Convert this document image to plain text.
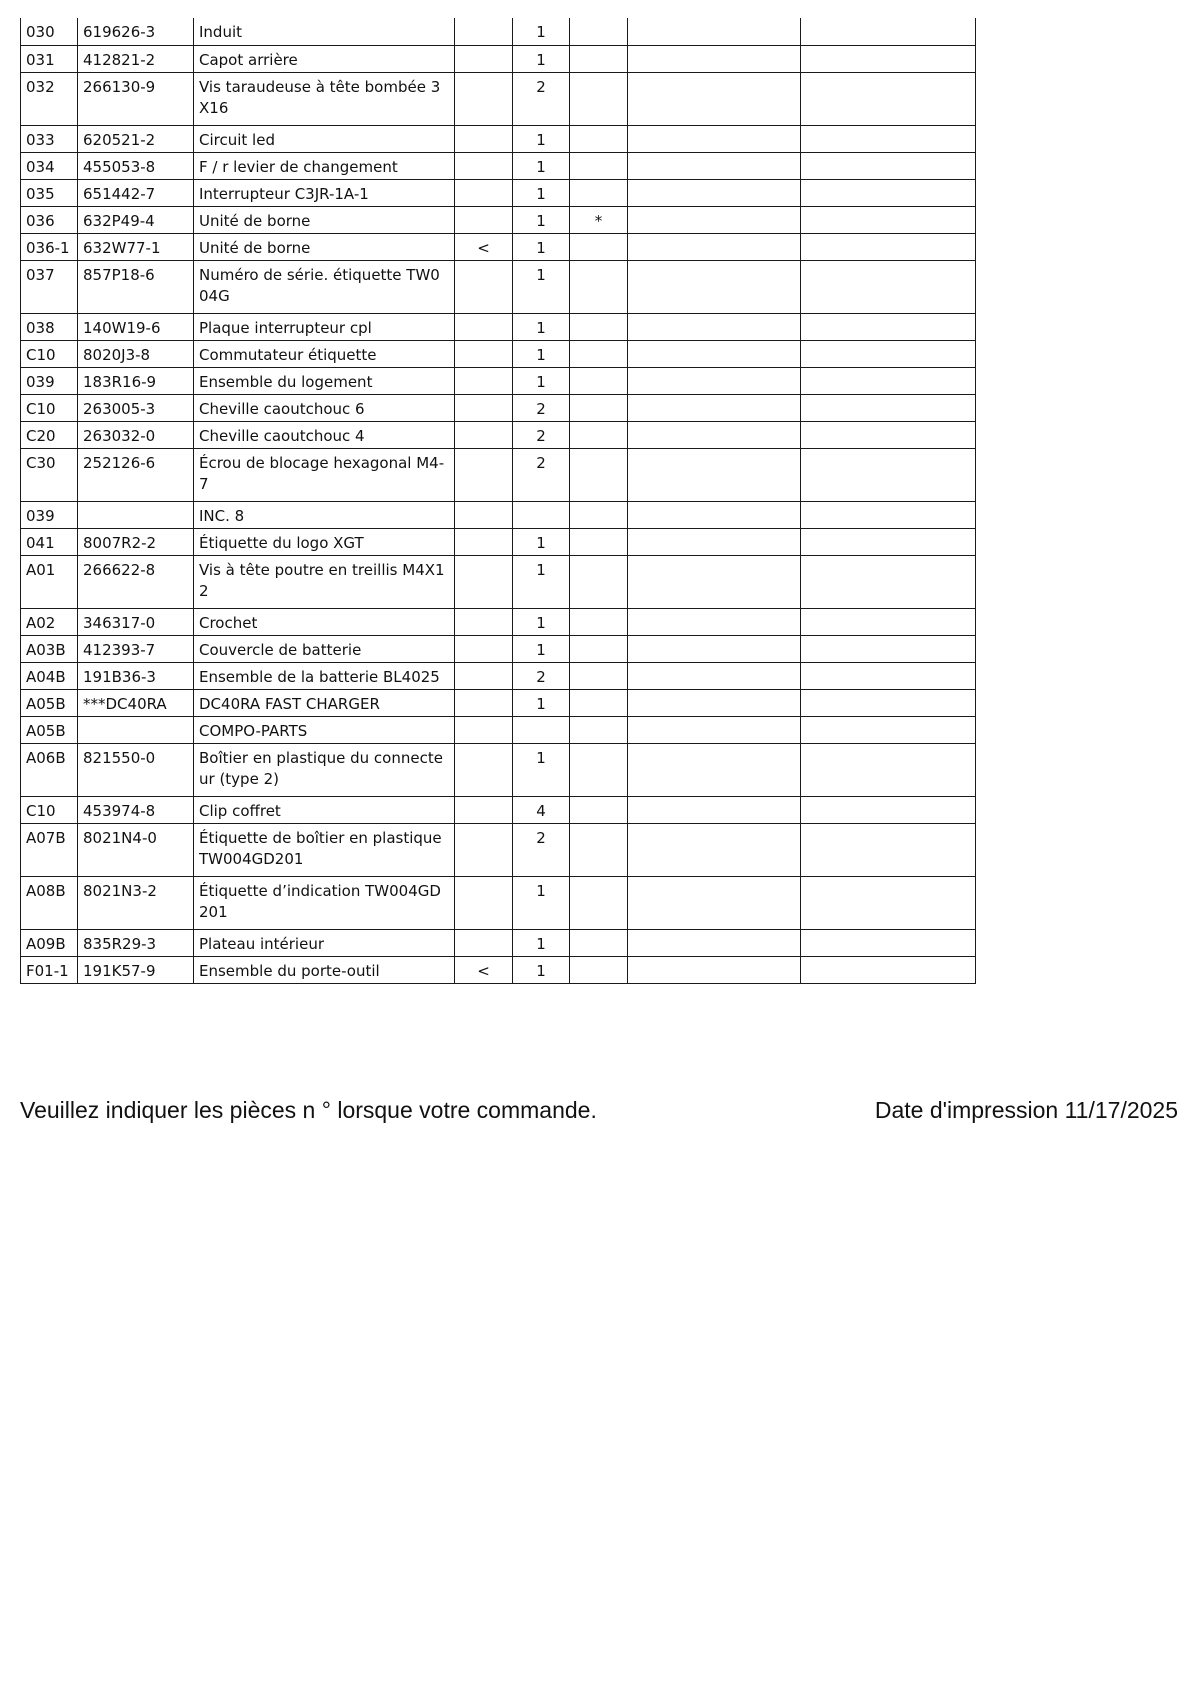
030	619626-3	Induit		1			
031	412821-2	Capot arrière		1			
032	266130-9	Vis taraudeuse à tête bombée 3X16		2			
033	620521-2	Circuit led		1			
034	455053-8	F / r levier de changement		1			
035	651442-7	Interrupteur C3JR-1A-1		1			
036	632P49-4	Unité de borne		1	*		
036-1	632W77-1	Unité de borne	<	1			
037	857P18-6	Numéro de série. étiquette TW004G		1			
038	140W19-6	Plaque interrupteur cpl		1			
C10	8020J3-8	Commutateur étiquette		1			
039	183R16-9	Ensemble du logement		1			
C10	263005-3	Cheville caoutchouc 6		2			
C20	263032-0	Cheville caoutchouc 4		2			
C30	252126-6	Écrou de blocage hexagonal M4-7		2			
039		INC. 8					
041	8007R2-2	Étiquette du logo XGT		1			
A01	266622-8	Vis à tête poutre en treillis M4X12		1			
A02	346317-0	Crochet		1			
A03B	412393-7	Couvercle de batterie		1			
A04B	191B36-3	Ensemble de la batterie BL4025		2			
A05B	***DC40RA	DC40RA FAST CHARGER		1			
A05B		COMPO-PARTS					
A06B	821550-0	Boîtier en plastique du connecteur (type 2)		1			
C10	453974-8	Clip coffret		4			
A07B	8021N4-0	Étiquette de boîtier en plastique TW004GD201		2			
A08B	8021N3-2	Étiquette d’indication TW004GD201		1			
A09B	835R29-3	Plateau intérieur		1			
F01-1	191K57-9	Ensemble du porte-outil	<	1			
Veuillez indiquer les pièces n ° lorsque votre commande.	Date d'impression 11/17/2025
